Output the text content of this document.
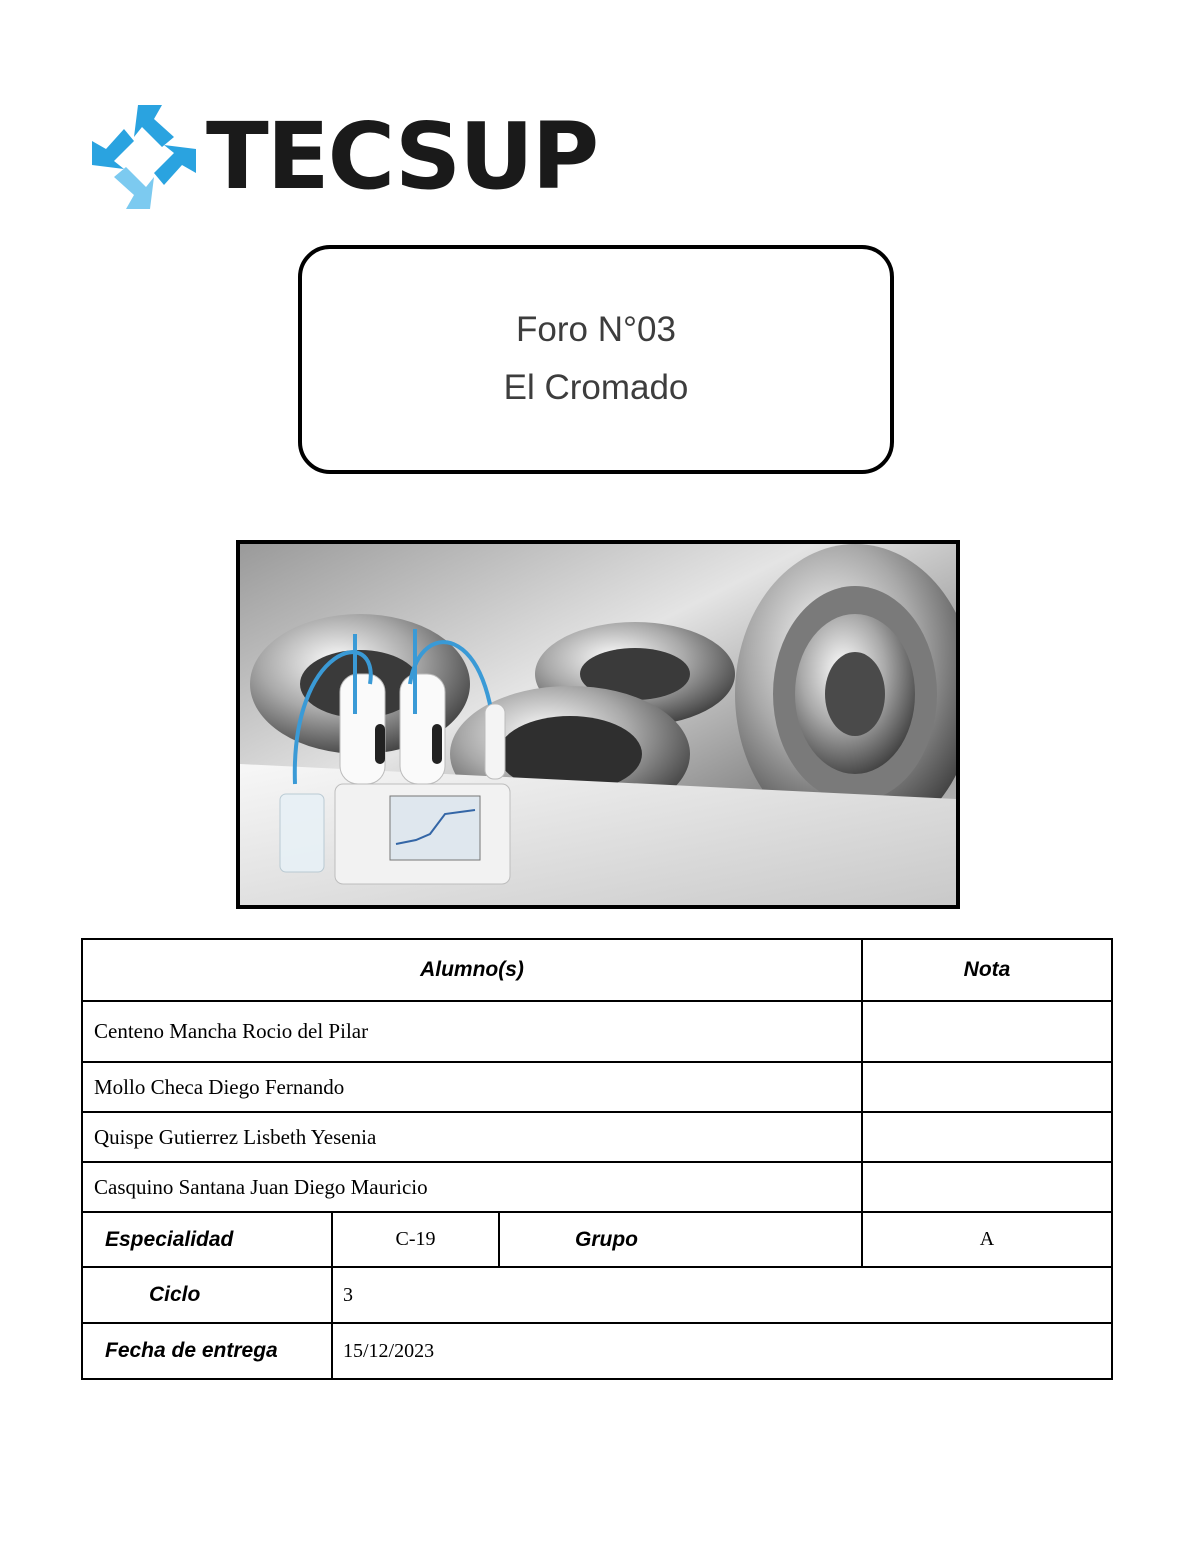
TECSUP
Foro N°03
El Cromado
Alumno(s)			Nota
Centeno Mancha Rocio del Pilar			
Mollo Checa Diego Fernando			
Quispe Gutierrez Lisbeth Yesenia			
Casquino Santana Juan Diego Mauricio			
Especialidad	C-19	Grupo	A
Ciclo	3		
Fecha de entrega	15/12/2023		
